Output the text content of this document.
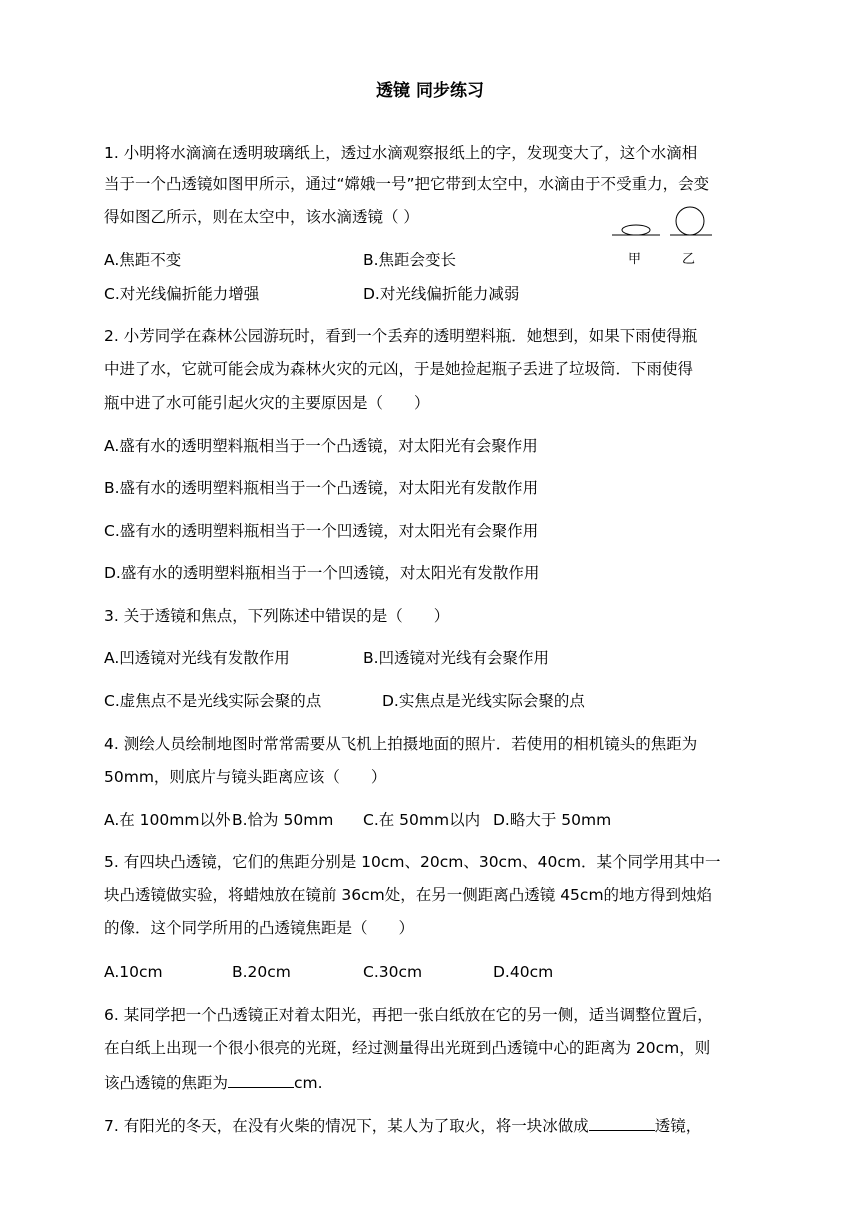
透镜 同步练习
1. 小明将水滴滴在透明玻璃纸上，透过水滴观察报纸上的字，发现变大了，这个水滴相
当于一个凸透镜如图甲所示，通过“嫦娥一号”把它带到太空中，水滴由于不受重力，会变
得如图乙所示，则在太空中，该水滴透镜（ ）
A.焦距不变	B.焦距会变长
C.对光线偏折能力增强	D.对光线偏折能力减弱
甲	乙
2. 小芳同学在森林公园游玩时，看到一个丢弃的透明塑料瓶．她想到，如果下雨使得瓶
中进了水，它就可能会成为森林火灾的元凶，于是她捡起瓶子丢进了垃圾筒．下雨使得
瓶中进了水可能引起火灾的主要原因是（　　）
A.盛有水的透明塑料瓶相当于一个凸透镜，对太阳光有会聚作用
B.盛有水的透明塑料瓶相当于一个凸透镜，对太阳光有发散作用
C.盛有水的透明塑料瓶相当于一个凹透镜，对太阳光有会聚作用
D.盛有水的透明塑料瓶相当于一个凹透镜，对太阳光有发散作用
3. 关于透镜和焦点，下列陈述中错误的是（　　）
A.凹透镜对光线有发散作用	B.凹透镜对光线有会聚作用
C.虚焦点不是光线实际会聚的点	D.实焦点是光线实际会聚的点
4. 测绘人员绘制地图时常常需要从飞机上拍摄地面的照片．若使用的相机镜头的焦距为
50mm，则底片与镜头距离应该（　　）
A.在 100mm以外 B.恰为 50mm C.在 50mm以内 D.略大于 50mm
5. 有四块凸透镜，它们的焦距分别是 10cm、20cm、30cm、40cm．某个同学用其中一
块凸透镜做实验，将蜡烛放在镜前 36cm处，在另一侧距离凸透镜 45cm的地方得到烛焰
的像．这个同学所用的凸透镜焦距是（　　）
A.10cm	B.20cm	C.30cm	D.40cm
6. 某同学把一个凸透镜正对着太阳光，再把一张白纸放在它的另一侧，适当调整位置后，
在白纸上出现一个很小很亮的光斑，经过测量得出光斑到凸透镜中心的距离为 20cm，则
该凸透镜的焦距为	cm.
7. 有阳光的冬天，在没有火柴的情况下，某人为了取火，将一块冰做成	透镜，
